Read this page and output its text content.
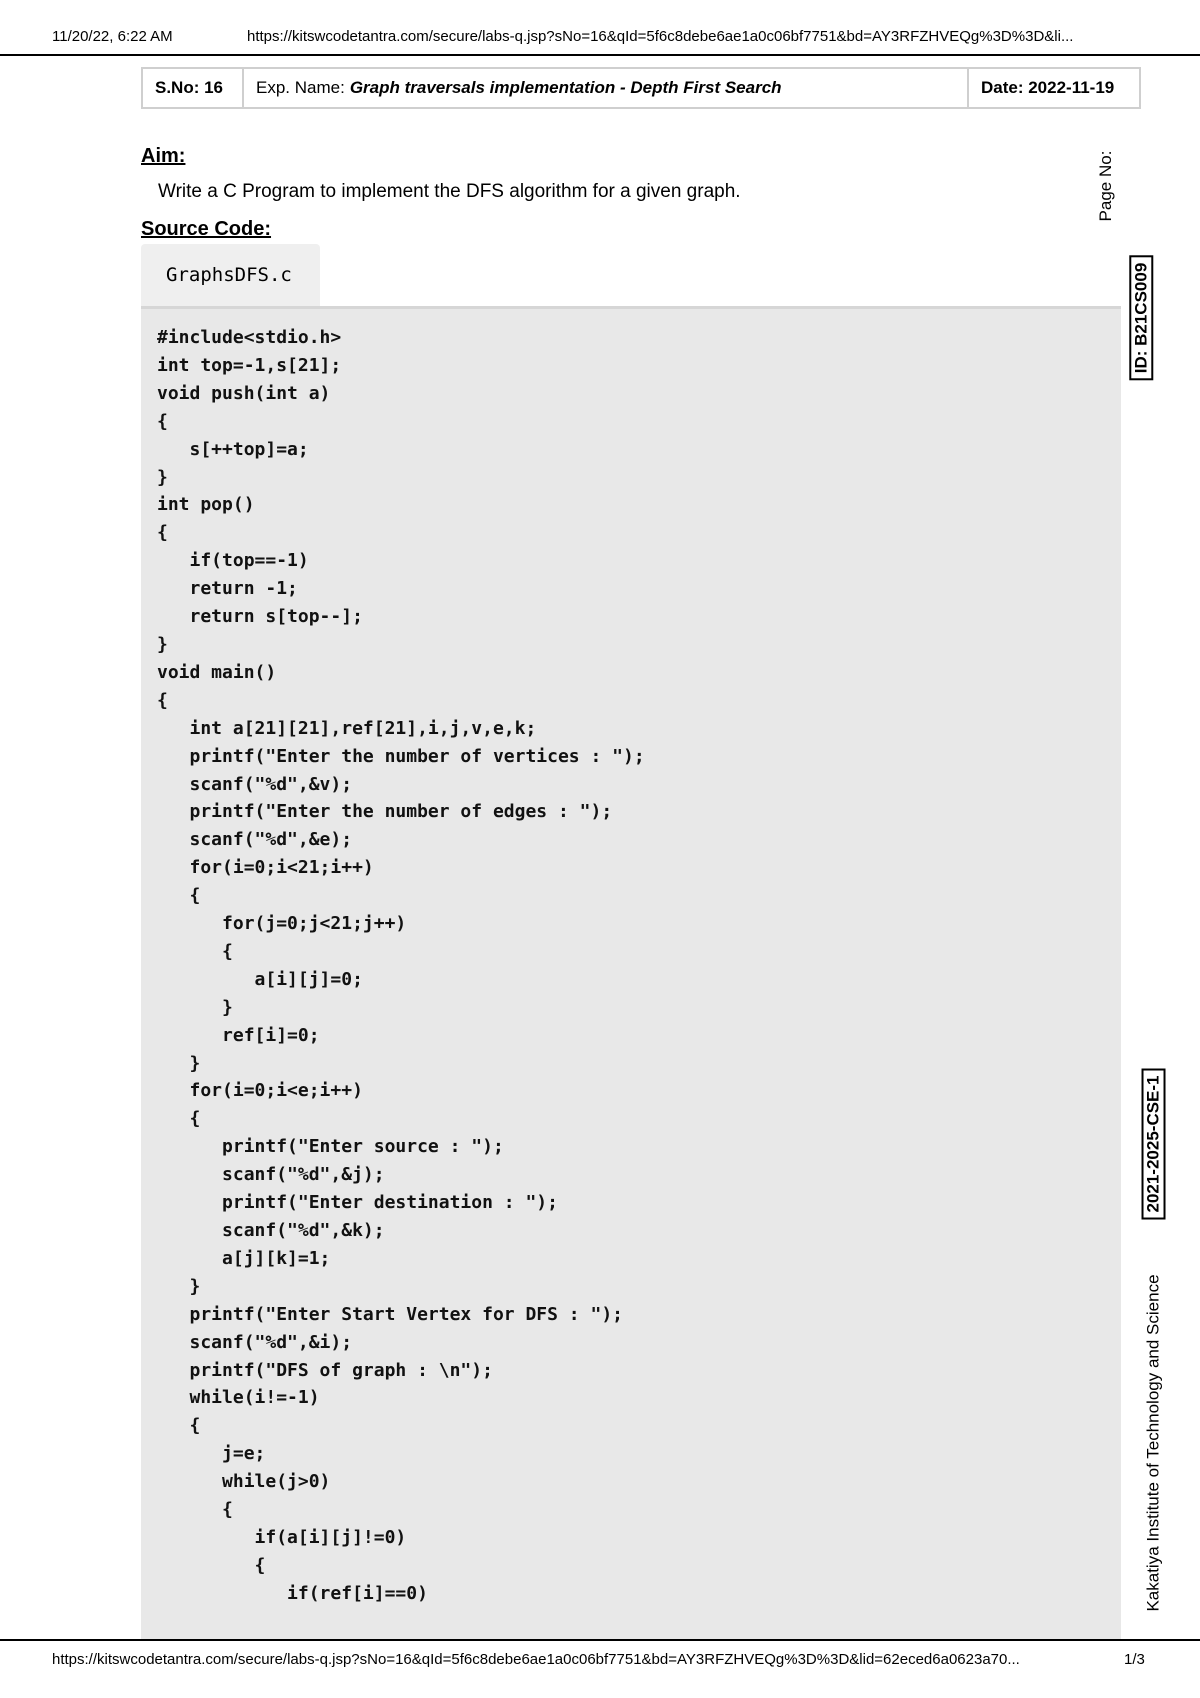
11/20/22, 6:22 AM	https://kitswcodetantra.com/secure/labs-q.jsp?sNo=16&qId=5f6c8debe6ae1a0c06bf7751&bd=AY3RFZHVEQg%3D%3D&li...
S.No: 16	Exp. Name: Graph traversals implementation - Depth First Search	Date: 2022-11-19
Aim:
Write a C Program to implement the DFS algorithm for a given graph.
Source Code:
GraphsDFS.c
#include<stdio.h>
int top=-1,s[21];
void push(int a)
{
s[++top]=a;
}
int pop()
{
if(top==-1)
return -1;
return s[top--];
}
void main()
{
int a[21][21],ref[21],i,j,v,e,k;
printf("Enter the number of vertices : ");
scanf("%d",&v);
printf("Enter the number of edges : ");
scanf("%d",&e);
for(i=0;i<21;i++)
{
for(j=0;j<21;j++)
{
a[i][j]=0;
}
ref[i]=0;
}
for(i=0;i<e;i++)
{
printf("Enter source : ");
scanf("%d",&j);
printf("Enter destination : ");
scanf("%d",&k);
a[j][k]=1;
}
printf("Enter Start Vertex for DFS : ");
scanf("%d",&i);
printf("DFS of graph : \n");
while(i!=-1)
{
j=e;
while(j>0)
{
if(a[i][j]!=0)
{
if(ref[i]==0)
Page No:
ID: B21CS009
2021-2025-CSE-1
Kakatiya Institute of Technology and Science
https://kitswcodetantra.com/secure/labs-q.jsp?sNo=16&qId=5f6c8debe6ae1a0c06bf7751&bd=AY3RFZHVEQg%3D%3D&lid=62eced6a0623a70...	1/3
